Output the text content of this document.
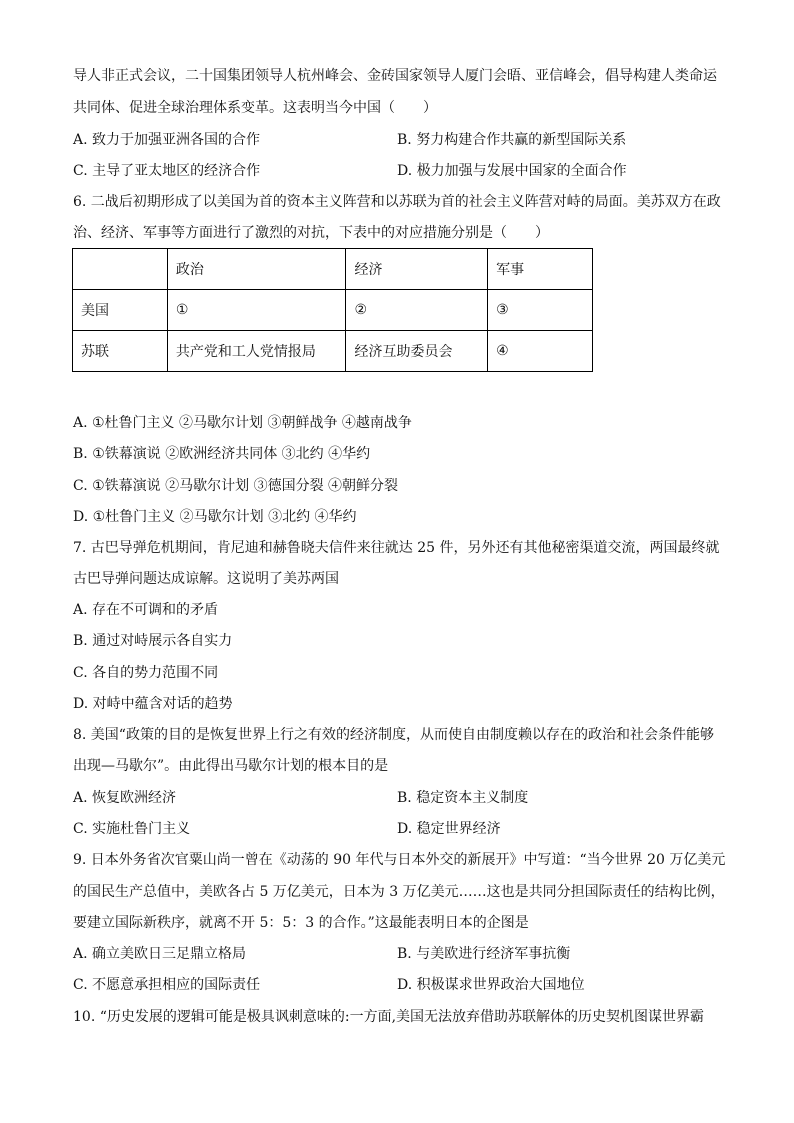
导人非正式会议，二十国集团领导人杭州峰会、金砖国家领导人厦门会晤、亚信峰会，倡导构建人类命运
共同体、促进全球治理体系变革。这表明当今中国（　　）
A. 致力于加强亚洲各国的合作	B. 努力构建合作共赢的新型国际关系
C. 主导了亚太地区的经济合作	D. 极力加强与发展中国家的全面合作
6. 二战后初期形成了以美国为首的资本主义阵营和以苏联为首的社会主义阵营对峙的局面。美苏双方在政
治、经济、军事等方面进行了激烈的对抗，下表中的对应措施分别是（　　）
	政治	经济	军事
美国	①	②	③
苏联	共产党和工人党情报局	经济互助委员会	④
A. ①杜鲁门主义 ②马歇尔计划 ③朝鲜战争 ④越南战争
B. ①铁幕演说 ②欧洲经济共同体 ③北约 ④华约
C. ①铁幕演说 ②马歇尔计划 ③德国分裂 ④朝鲜分裂
D. ①杜鲁门主义 ②马歇尔计划 ③北约 ④华约
7. 古巴导弹危机期间，肯尼迪和赫鲁晓夫信件来往就达 25 件，另外还有其他秘密渠道交流，两国最终就
古巴导弹问题达成谅解。这说明了美苏两国
A. 存在不可调和的矛盾
B. 通过对峙展示各自实力
C. 各自的势力范围不同
D. 对峙中蕴含对话的趋势
8. 美国“政策的目的是恢复世界上行之有效的经济制度，从而使自由制度赖以存在的政治和社会条件能够
出现—马歇尔”。由此得出马歇尔计划的根本目的是
A. 恢复欧洲经济	B. 稳定资本主义制度
C. 实施杜鲁门主义	D. 稳定世界经济
9. 日本外务省次官粟山尚一曾在《动荡的 90 年代与日本外交的新展开》中写道：“当今世界 20 万亿美元
的国民生产总值中，美欧各占 5 万亿美元，日本为 3 万亿美元……这也是共同分担国际责任的结构比例，
要建立国际新秩序，就离不开 5：5：3 的合作。”这最能表明日本的企图是
A. 确立美欧日三足鼎立格局	B. 与美欧进行经济军事抗衡
C. 不愿意承担相应的国际责任	D. 积极谋求世界政治大国地位
10. “历史发展的逻辑可能是极具讽刺意味的:一方面,美国无法放弃借助苏联解体的历史契机图谋世界霸
